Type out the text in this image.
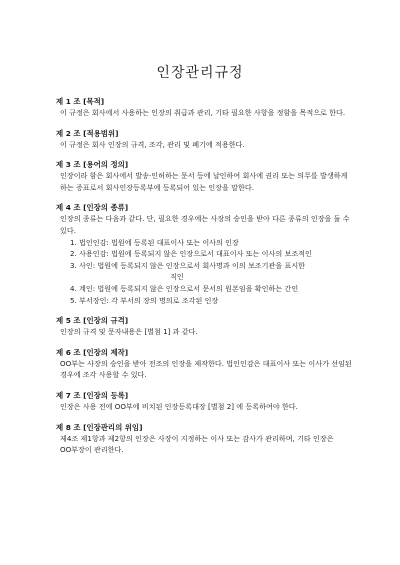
인장관리규정
제 1 조 [목적]
이 규정은 회사에서 사용하는 인장의 취급과 관리, 기타 필요한 사항을 정함을 목적으로 한다.
제 2 조 [적용범위]
이 규정은 회사 인장의 규격, 조각, 관리 및 폐기에 적용한다.
제 3 조 [용어의 정의]
인장이라 함은 회사에서 발송·인허하는 문서 등에 날인하여 회사에 권리 또는 의무를 발생하게 하는 증표로서 회사인장등록부에 등록되어 있는 인장을 말한다.
제 4 조 [인장의 종류]
인장의 종류는 다음과 같다. 단, 필요한 경우에는 사장의 승인을 받아 다른 종류의 인장을 둘 수 있다.
1. 법인인감: 법원에 등록된 대표이사 또는 이사의 인장
2. 사용인감: 법원에 등록되지 않은 인장으로서 대표이사 또는 이사의 보조적인
3. 사인: 법원에 등록되지 않은 인장으로서 회사명과 이의 보조기관을 표시한
직인
4. 계인: 법원에 등록되지 않은 인장으로서 문서의 원본임을 확인하는 간인
5. 부서장인: 각 부서의 장의 명의로 조각된 인장
제 5 조 [인장의 규격]
인장의 규격 및 문자내용은 [별첨 1] 과 같다.
제 6 조 [인장의 제작]
OO부는 사장의 승인을 받아 전조의 인장을 제작한다. 법인인감은 대표이사 또는 이사가 선임된 경우에 조각 사용할 수 있다.
제 7 조 [인장의 등록]
인장은 사용 전에 OO부에 비치된 인장등록대장 [별첨 2] 에 등록하여야 한다.
제 8 조 [인장관리의 위임]
제4조 제1항과 제2항의 인장은 사장이 지정하는 이사 또는 감사가 관리하며, 기타 인장은 OO부장이 관리한다.
